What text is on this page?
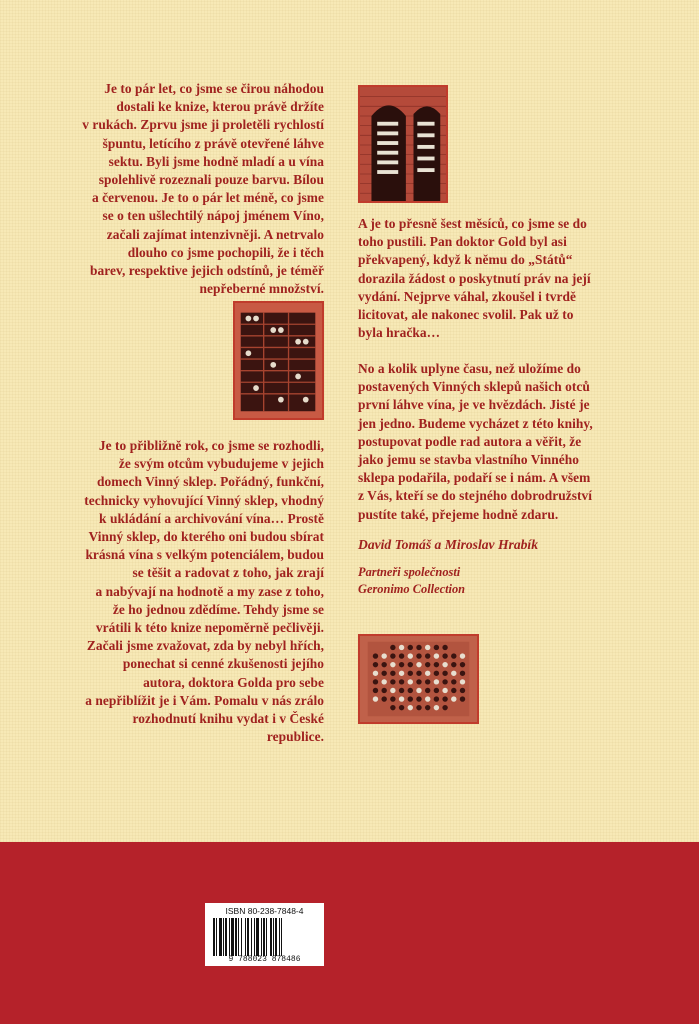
Je to pár let, co jsme se čirou náhodou
dostali ke knize, kterou právě držíte
v rukách. Zprvu jsme ji proletěli rychlostí
špuntu, letícího z právě otevřené láhve
sektu. Byli jsme hodně mladí a u vína
spolehlivě rozeznali pouze barvu. Bílou
a červenou. Je to o pár let méně, co jsme
se o ten ušlechtilý nápoj jménem Víno,
začali zajímat intenzivněji. A netrvalo
dlouho co jsme pochopili, že i těch
barev, respektive jejich odstínů, je téměř
nepřeberné množství.
A je to přesně šest měsíců, co jsme se do
toho pustili. Pan doktor Gold byl asi
překvapený, když k němu do „Států“
dorazila žádost o poskytnutí práv na její
vydání. Nejprve váhal, zkoušel i tvrdě
licitovat, ale nakonec svolil. Pak už to
byla hračka…
No a kolik uplyne času, než uložíme do
postavených Vinných sklepů našich otců
první láhve vína, je ve hvězdách. Jisté je
jen jedno. Budeme vycházet z této knihy,
postupovat podle rad autora a věřit, že
jako jemu se stavba vlastního Vinného
sklepa podařila, podaří se i nám. A všem
z Vás, kteří se do stejného dobrodružství
pustíte také, přejeme hodně zdaru.
Je to přibližně rok, co jsme se rozhodli,
že svým otcům vybudujeme v jejich
domech Vinný sklep. Pořádný, funkční,
technicky vyhovující Vinný sklep, vhodný
k ukládání a archivování vína… Prostě
Vinný sklep, do kterého oni budou sbírat
krásná vína s velkým potenciálem, budou
se těšit a radovat z toho, jak zrají
a nabývají na hodnotě a my zase z toho,
že ho jednou zdědíme. Tehdy jsme se
vrátili k této knize nepoměrně pečlivěji.
Začali jsme zvažovat, zda by nebyl hřích,
ponechat si cenné zkušenosti jejího
autora, doktora Golda pro sebe
a nepřiblížit je i Vám. Pomalu v nás zrálo
rozhodnutí knihu vydat i v České
republice.
David Tomáš a Miroslav Hrabík
Partneři společnosti
Geronimo Collection
ISBN 80-238-7848-4
9 788023 878486
